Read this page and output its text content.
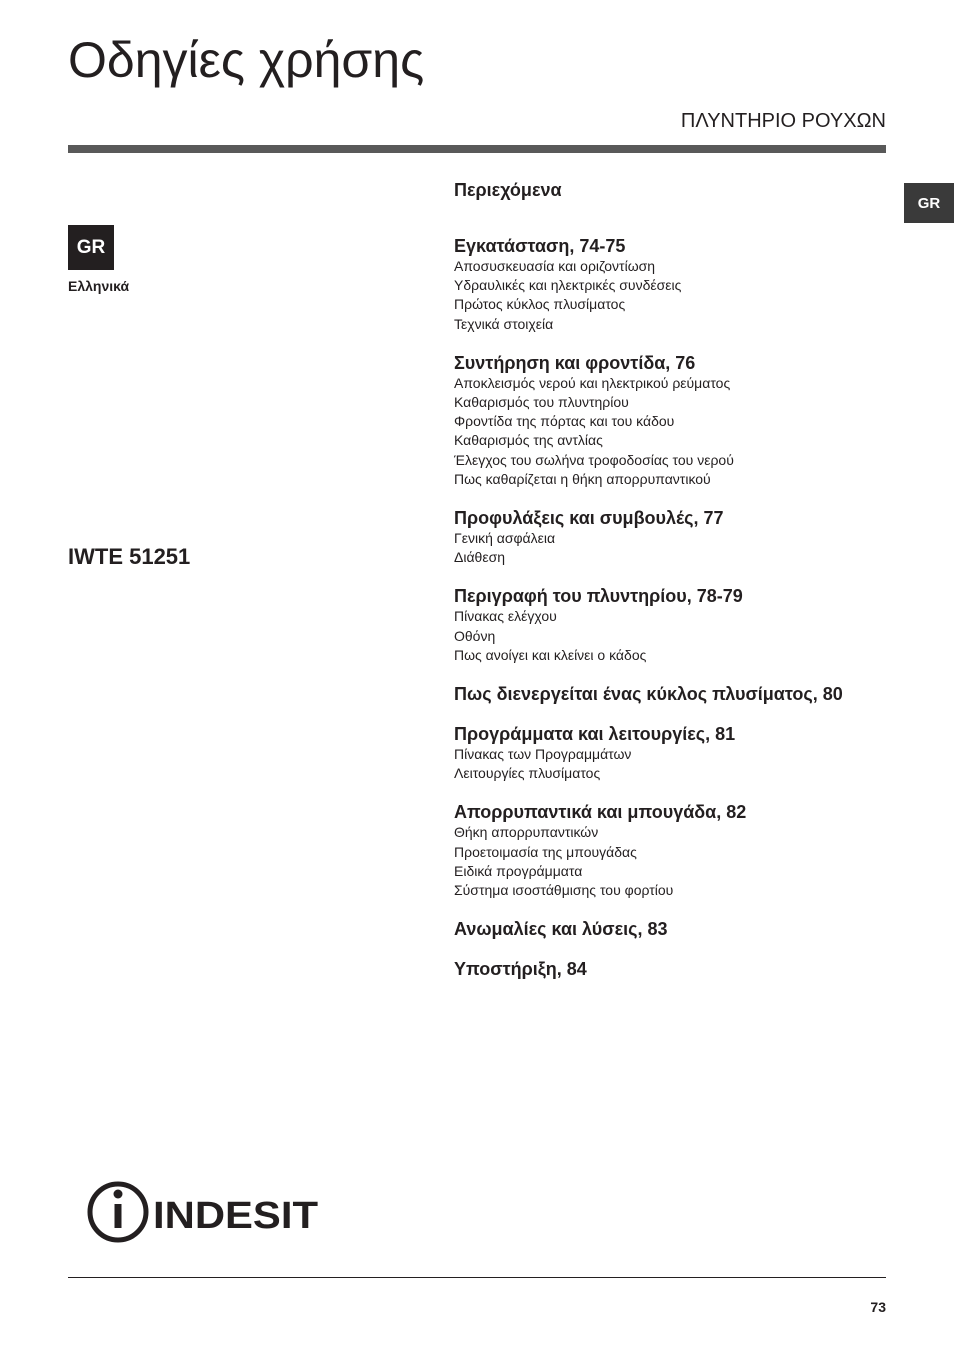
Οδηγίες χρήσης
ΠΛΥΝΤΗΡΙΟ ΡΟΥΧΩΝ
GR
GR
Ελληνικά
IWTE 51251
Περιεχόμενα
Εγκατάσταση, 74-75
Αποσυσκευασία και οριζοντίωση
Υδραυλικές και ηλεκτρικές συνδέσεις
Πρώτος κύκλος πλυσίματος
Τεχνικά στοιχεία
Συντήρηση και φροντίδα, 76
Αποκλεισμός νερού και ηλεκτρικού ρεύματος
Καθαρισμός του πλυντηρίου
Φροντίδα της πόρτας και του κάδου
Καθαρισμός της αντλίας
Έλεγχος του σωλήνα τροφοδοσίας του νερού
Πως καθαρίζεται η θήκη απορρυπαντικού
Προφυλάξεις και συμβουλές, 77
Γενική ασφάλεια
Διάθεση
Περιγραφή του πλυντηρίου, 78-79
Πίνακας ελέγχου
Οθόνη
Πως ανοίγει και κλείνει ο κάδος
Πως διενεργείται ένας κύκλος πλυσίματος, 80
Προγράμματα και λειτουργίες, 81
Πίνακας των Προγραμμάτων
Λειτουργίες πλυσίματος
Απορρυπαντικά και μπουγάδα, 82
Θήκη απορρυπαντικών
Προετοιμασία της μπουγάδας
Ειδικά προγράμματα
Σύστημα ισοστάθμισης του φορτίου
Ανωμαλίες και λύσεις, 83
Υποστήριξη, 84
INDESIT
73
